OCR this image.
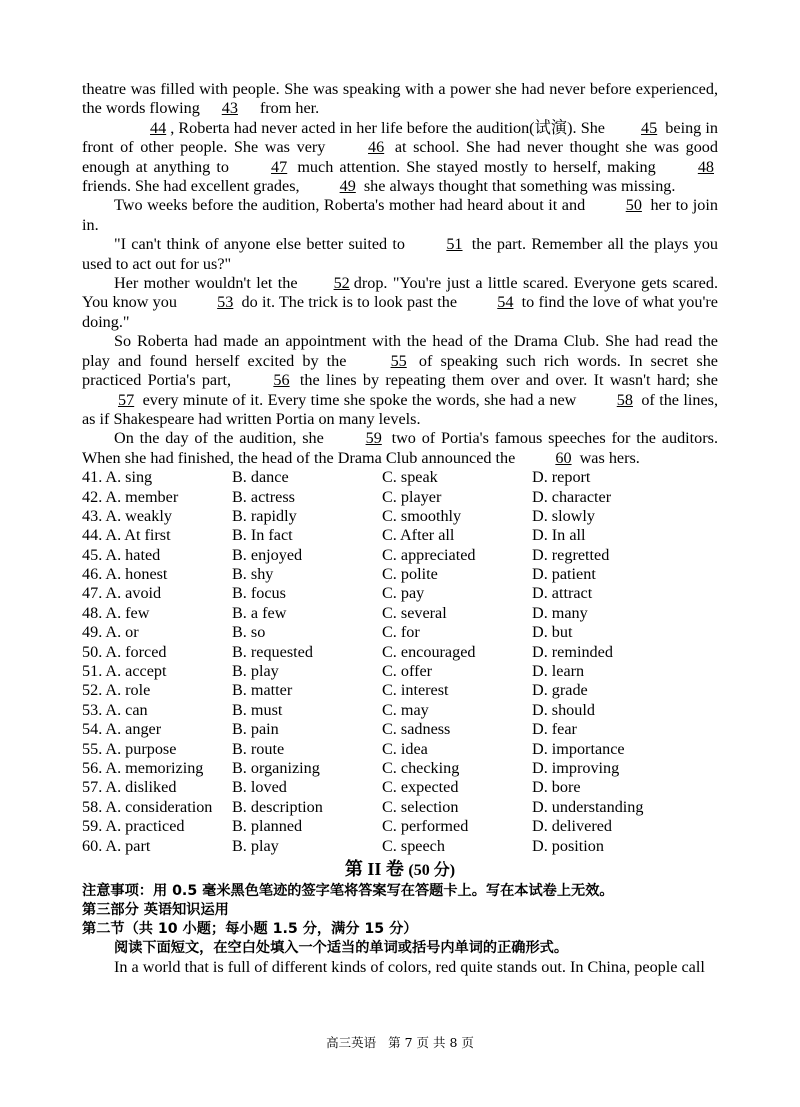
theatre was filled with people. She was speaking with a power she had never before experienced, the words flowing 43 from her.

44 , Roberta had never acted in her life before the audition(试演). She 45 being in front of other people. She was very 46 at school. She had never thought she was good enough at anything to 47 much attention. She stayed mostly to herself, making 48 friends. She had excellent grades, 49 she always thought that something was missing.

Two weeks before the audition, Roberta's mother had heard about it and 50 her to join in.

"I can't think of anyone else better suited to 51 the part. Remember all the plays you used to act out for us?"

Her mother wouldn't let the 52 drop. "You're just a little scared. Everyone gets scared. You know you 53 do it. The trick is to look past the 54 to find the love of what you're doing."

So Roberta had made an appointment with the head of the Drama Club. She had read the play and found herself excited by the 55 of speaking such rich words. In secret she practiced Portia's part, 56 the lines by repeating them over and over. It wasn't hard; she 57 every minute of it. Every time she spoke the words, she had a new 58 of the lines, as if Shakespeare had written Portia on many levels.

On the day of the audition, she 59 two of Portia's famous speeches for the auditors. When she had finished, the head of the Drama Club announced the 60 was hers.

41. A. sing	B. dance	C. speak	D. report
42. A. member	B. actress	C. player	D. character
43. A. weakly	B. rapidly	C. smoothly	D. slowly
44. A. At first	B. In fact	C. After all	D. In all
45. A. hated	B. enjoyed	C. appreciated	D. regretted
46. A. honest	B. shy	C. polite	D. patient
47. A. avoid	B. focus	C. pay	D. attract
48. A. few	B. a few	C. several	D. many
49. A. or	B. so	C. for	D. but
50. A. forced	B. requested	C. encouraged	D. reminded
51. A. accept	B. play	C. offer	D. learn
52. A. role	B. matter	C. interest	D. grade
53. A. can	B. must	C. may	D. should
54. A. anger	B. pain	C. sadness	D. fear
55. A. purpose	B. route	C. idea	D. importance
56. A. memorizing	B. organizing	C. checking	D. improving
57. A. disliked	B. loved	C. expected	D. bore
58. A. consideration	B. description	C. selection	D. understanding
59. A. practiced	B. planned	C. performed	D. delivered
60. A. part	B. play	C. speech	D. position
第 II 卷 (50 分)
注意事项：用 0.5 毫米黑色笔迹的签字笔将答案写在答题卡上。写在本试卷上无效。
第三部分 英语知识运用
第二节（共 10 小题；每小题 1.5 分，满分 15 分）
阅读下面短文，在空白处填入一个适当的单词或括号内单词的正确形式。
In a world that is full of different kinds of colors, red quite stands out. In China, people call
高三英语 第 7 页 共 8 页
